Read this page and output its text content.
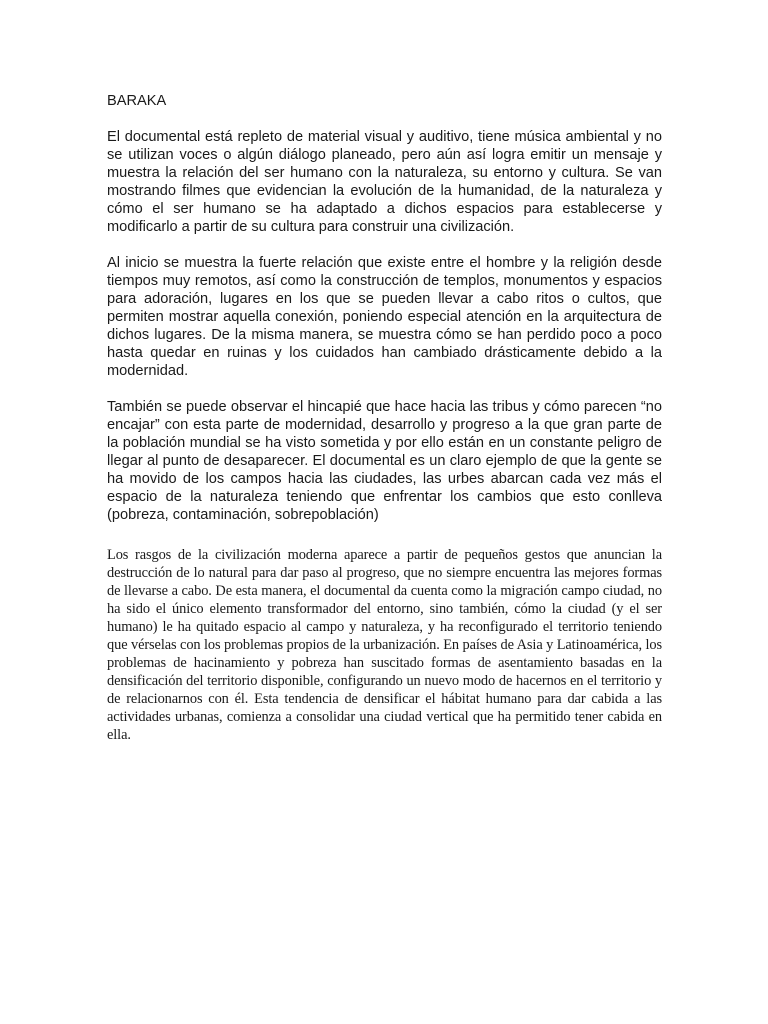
BARAKA

El documental está repleto de material visual y auditivo, tiene música ambiental y no se utilizan voces o algún diálogo planeado, pero aún así logra emitir un mensaje y muestra la relación del ser humano con la naturaleza, su entorno y cultura. Se van mostrando filmes que evidencian la evolución de la humanidad, de la naturaleza y cómo el ser humano se ha adaptado a dichos espacios para establecerse y modificarlo a partir de su cultura para construir una civilización.

Al inicio se muestra la fuerte relación que existe entre el hombre y la religión desde tiempos muy remotos, así como la construcción de templos, monumentos y espacios para adoración, lugares en los que se pueden llevar a cabo ritos o cultos, que permiten mostrar aquella conexión, poniendo especial atención en la arquitectura de dichos lugares. De la misma manera, se muestra cómo se han perdido poco a poco hasta quedar en ruinas y los cuidados han cambiado drásticamente debido a la modernidad.

También se puede observar el hincapié que hace hacia las tribus y cómo parecen “no encajar” con esta parte de modernidad, desarrollo y progreso a la que gran parte de la población mundial se ha visto sometida y por ello están en un constante peligro de llegar al punto de desaparecer. El documental es un claro ejemplo de que la gente se ha movido de los campos hacia las ciudades, las urbes abarcan cada vez más el espacio de la naturaleza teniendo que enfrentar los cambios que esto conlleva (pobreza, contaminación, sobrepoblación)

Los rasgos de la civilización moderna aparece a partir de pequeños gestos que anuncian la destrucción de lo natural para dar paso al progreso, que no siempre encuentra las mejores formas de llevarse a cabo. De esta manera, el documental da cuenta como la migración campo ciudad, no ha sido el único elemento transformador del entorno, sino también, cómo la ciudad (y el ser humano) le ha quitado espacio al campo y naturaleza, y ha reconfigurado el territorio teniendo que vérselas con los problemas propios de la urbanización. En países de Asia y Latinoamérica, los problemas de hacinamiento y pobreza han suscitado formas de asentamiento basadas en la densificación del territorio disponible, configurando un nuevo modo de hacernos en el territorio y de relacionarnos con él. Esta tendencia de densificar el hábitat humano para dar cabida a las actividades urbanas, comienza a consolidar una ciudad vertical que ha permitido tener cabida en ella.
